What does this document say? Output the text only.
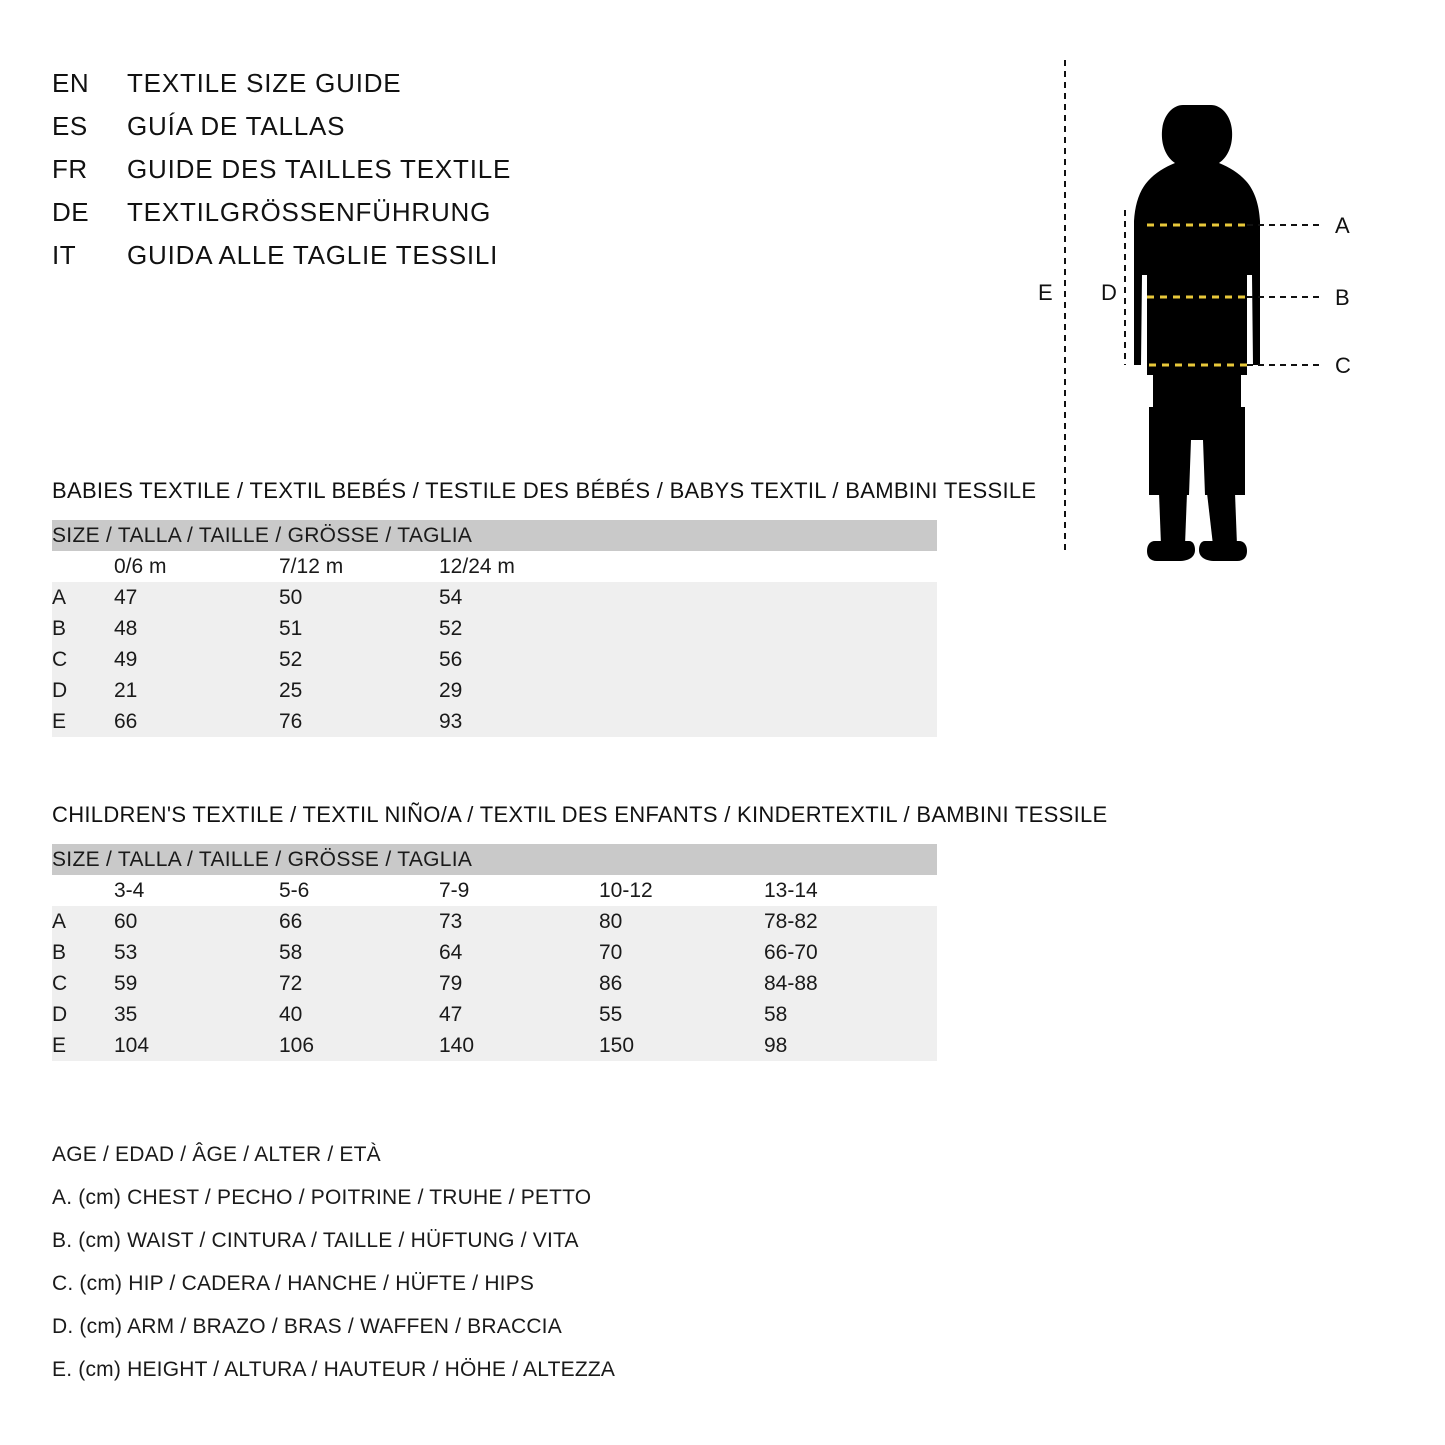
EN	TEXTILE SIZE GUIDE
ES	GUÍA DE TALLAS
FR	GUIDE DES TAILLES TEXTILE
DE	TEXTILGRÖSSENFÜHRUNG
IT	GUIDA ALLE TAGLIE TESSILI
A
B
C
D
E
BABIES TEXTILE / TEXTIL BEBÉS / TESTILE DES BÉBÉS / BABYS TEXTIL / BAMBINI TESSILE
SIZE / TALLA / TAILLE / GRÖSSE / TAGLIA				
	0/6 m	7/12 m	12/24 m	
A	47	50	54	
B	48	51	52	
C	49	52	56	
D	21	25	29	
E	66	76	93	
CHILDREN'S TEXTILE / TEXTIL NIÑO/A / TEXTIL DES ENFANTS / KINDERTEXTIL / BAMBINI TESSILE
SIZE / TALLA / TAILLE / GRÖSSE / TAGLIA					
	3-4	5-6	7-9	10-12	13-14
A	60	66	73	80	78-82
B	53	58	64	70	66-70
C	59	72	79	86	84-88
D	35	40	47	55	58
E	104	106	140	150	98
AGE / EDAD / ÂGE / ALTER / ETÀ
A. (cm) CHEST / PECHO / POITRINE / TRUHE / PETTO
B. (cm) WAIST / CINTURA / TAILLE / HÜFTUNG / VITA
C. (cm) HIP / CADERA / HANCHE / HÜFTE / HIPS
D. (cm) ARM / BRAZO / BRAS / WAFFEN / BRACCIA
E. (cm) HEIGHT / ALTURA / HAUTEUR / HÖHE / ALTEZZA
